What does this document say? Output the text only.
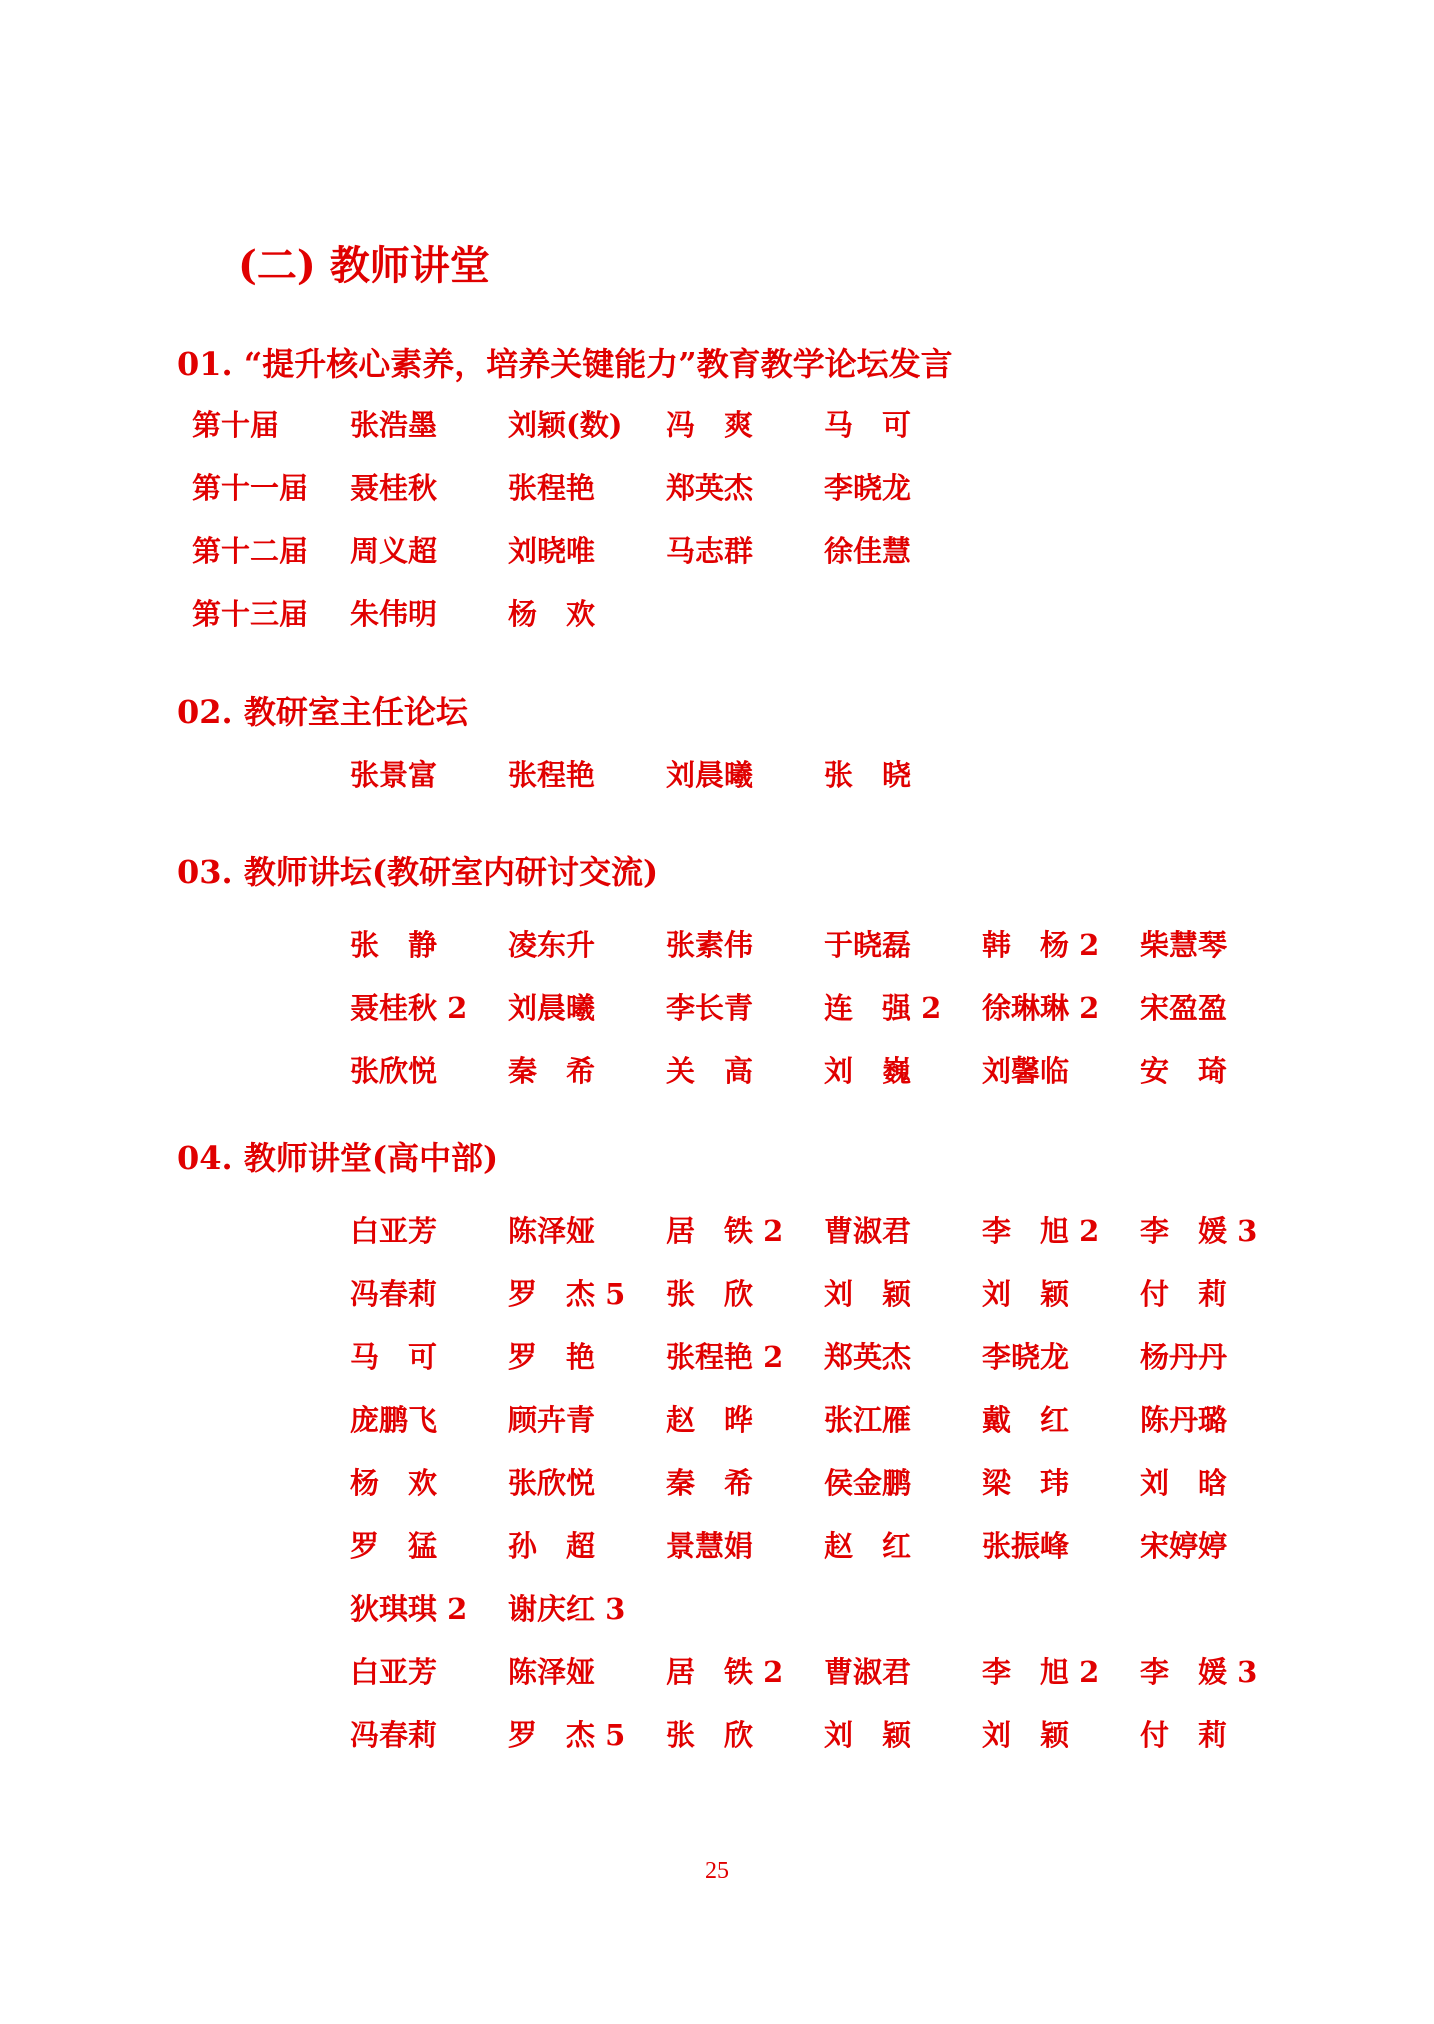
(二) 教师讲堂
01. “提升核心素养，培养关键能力”教育教学论坛发言
第十届 张浩墨 刘颖(数) 冯　爽 马　可
第十一届 聂桂秋 张程艳 郑英杰 李晓龙
第十二届 周义超 刘晓唯 马志群 徐佳慧
第十三届 朱伟明 杨　欢
02. 教研室主任论坛
张景富 张程艳 刘晨曦 张　晓
03. 教师讲坛(教研室内研讨交流)
张　静 凌东升 张素伟 于晓磊 韩　杨 2 柴慧琴
聂桂秋 2 刘晨曦 李长青 连　强 2 徐琳琳 2 宋盈盈
张欣悦 秦　希 关　高 刘　巍 刘馨临 安　琦
04. 教师讲堂(高中部)
白亚芳 陈泽娅 居　铁 2 曹淑君 李　旭 2 李　媛 3
冯春莉 罗　杰 5 张　欣 刘　颖 刘　颖 付　莉
马　可 罗　艳 张程艳 2 郑英杰 李晓龙 杨丹丹
庞鹏飞 顾卉青 赵　晔 张江雁 戴　红 陈丹璐
杨　欢 张欣悦 秦　希 侯金鹏 梁　玮 刘　晗
罗　猛 孙　超 景慧娟 赵　红 张振峰 宋婷婷
狄琪琪 2 谢庆红 3
白亚芳 陈泽娅 居　铁 2 曹淑君 李　旭 2 李　媛 3
冯春莉 罗　杰 5 张　欣 刘　颖 刘　颖 付　莉
25
